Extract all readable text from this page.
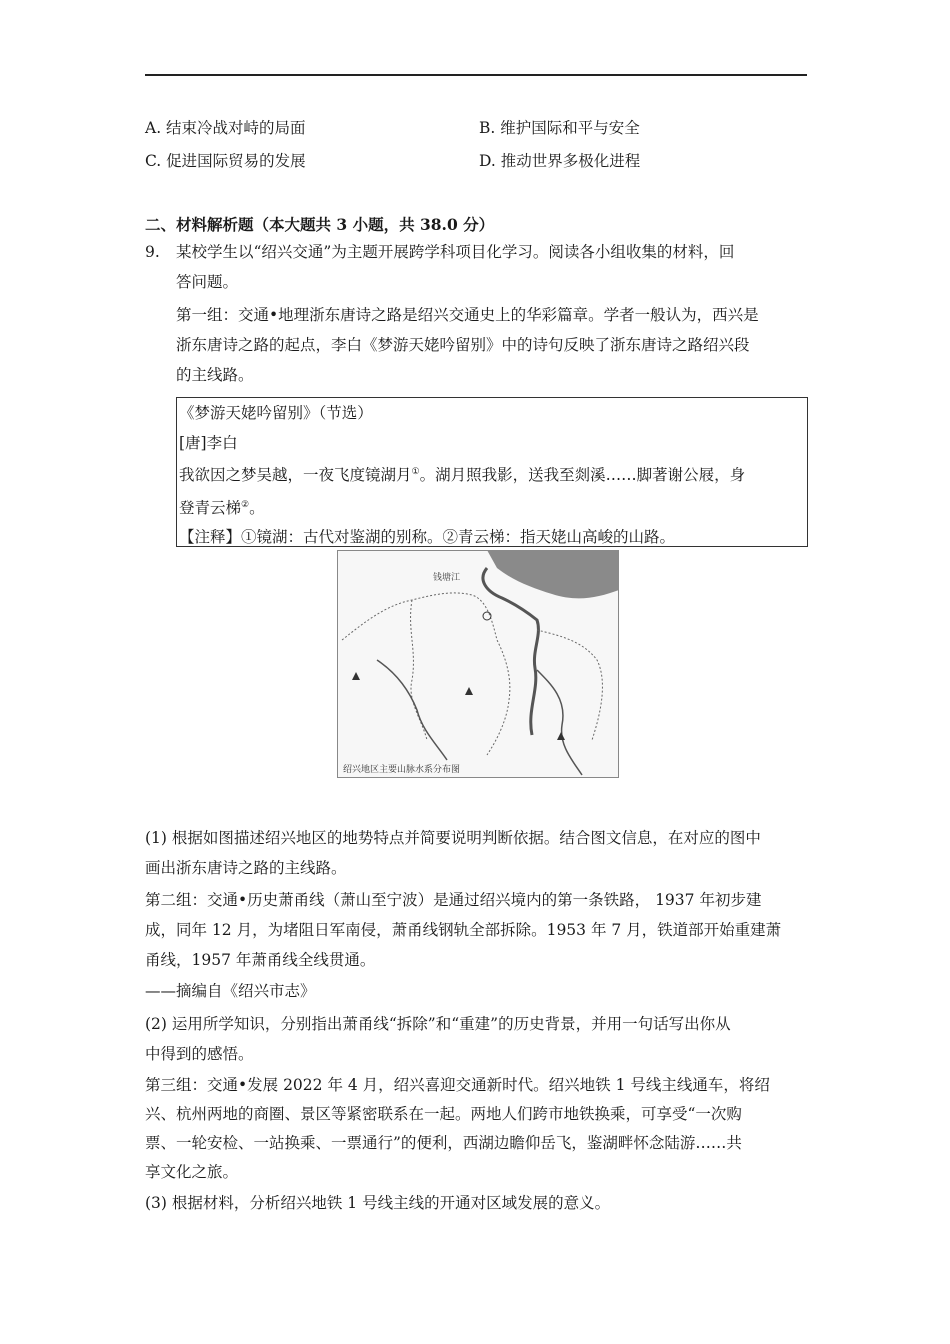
A. 结束冷战对峙的局面	B. 维护国际和平与安全
C. 促进国际贸易的发展	D. 推动世界多极化进程
二、材料解析题（本大题共 3 小题，共 38.0 分）
9. 某校学生以“绍兴交通”为主题开展跨学科项目化学习。阅读各小组收集的材料，回
答问题。
第一组：交通•地理浙东唐诗之路是绍兴交通史上的华彩篇章。学者一般认为，西兴是
浙东唐诗之路的起点，李白《梦游天姥吟留别》中的诗句反映了浙东唐诗之路绍兴段
的主线路。
《梦游天姥吟留别》（节选）
[唐]李白
我欲因之梦吴越，一夜飞度镜湖月①。湖月照我影，送我至剡溪……脚著谢公屐，身
登青云梯②。
【注释】①镜湖：古代对鉴湖的别称。②青云梯：指天姥山高峻的山路。
钱塘江
绍兴地区主要山脉水系分布图
(1) 根据如图描述绍兴地区的地势特点并简要说明判断依据。结合图文信息，在对应的图中
画出浙东唐诗之路的主线路。
第二组：交通•历史萧甬线（萧山至宁波）是通过绍兴境内的第一条铁路， 1937 年初步建
成，同年 12 月，为堵阻日军南侵，萧甬线钢轨全部拆除。1953 年 7 月，铁道部开始重建萧
甬线，1957 年萧甬线全线贯通。
——摘编自《绍兴市志》
(2) 运用所学知识，分别指出萧甬线“拆除”和“重建”的历史背景，并用一句话写出你从
中得到的感悟。
第三组：交通•发展 2022 年 4 月，绍兴喜迎交通新时代。绍兴地铁 1 号线主线通车，将绍
兴、杭州两地的商圈、景区等紧密联系在一起。两地人们跨市地铁换乘，可享受“一次购
票、一轮安检、一站换乘、一票通行”的便利，西湖边瞻仰岳飞，鉴湖畔怀念陆游……共
享文化之旅。
(3) 根据材料，分析绍兴地铁 1 号线主线的开通对区域发展的意义。
